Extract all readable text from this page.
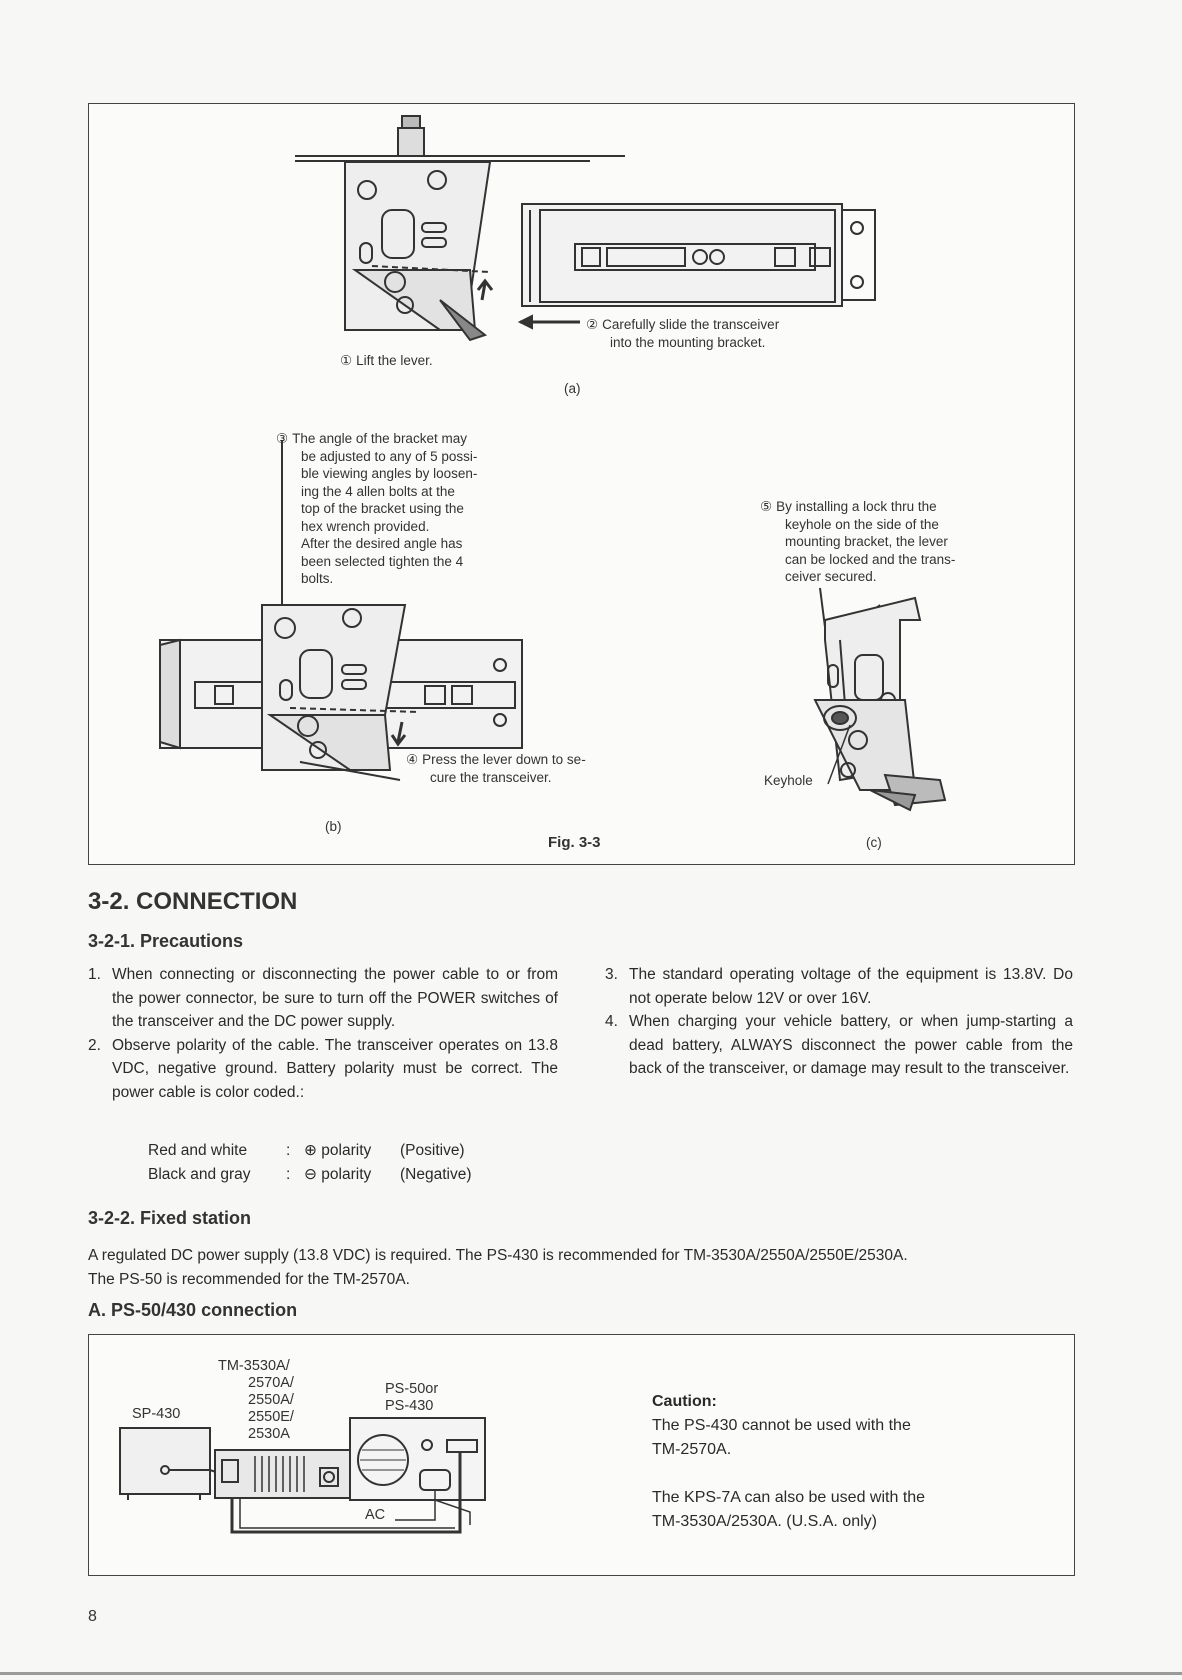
① Lift the lever.
② Carefully slide the transceiver
into the mounting bracket.
(a)
③ The angle of the bracket may
be adjusted to any of 5 possi-
ble viewing angles by loosen-
ing the 4 allen bolts at the
top of the bracket using the
hex wrench provided.
After the desired angle has
been selected tighten the 4
bolts.
④ Press the lever down to se-
cure the transceiver.
(b)
Fig. 3-3
⑤ By installing a lock thru the
keyhole on the side of the
mounting bracket, the lever
can be locked and the trans-
ceiver secured.
Keyhole
(c)
3-2. CONNECTION
3-2-1. Precautions
1. When connecting or disconnecting the power cable to or from the power connector, be sure to turn off the POWER switches of the transceiver and the DC power supply.
2. Observe polarity of the cable. The transceiver operates on 13.8 VDC, negative ground. Battery polarity must be correct. The power cable is color coded.:
Red and white	: ⊕ polarity	(Positive)
Black and gray	: ⊖ polarity	(Negative)
3. The standard operating voltage of the equipment is 13.8V. Do not operate below 12V or over 16V.
4. When charging your vehicle battery, or when jump-starting a dead battery, ALWAYS disconnect the power cable from the back of the transceiver, or damage may result to the transceiver.
3-2-2. Fixed station
A regulated DC power supply (13.8 VDC) is required. The PS-430 is recommended for TM-3530A/2550A/2550E/2530A.
The PS-50 is recommended for the TM-2570A.
A. PS-50/430 connection
TM-3530A/
2570A/
2550A/
2550E/
2530A
SP-430
PS-50or
PS-430
AC
Caution:
The PS-430 cannot be used with the
TM-2570A.
The KPS-7A can also be used with the
TM-3530A/2530A. (U.S.A. only)
8
